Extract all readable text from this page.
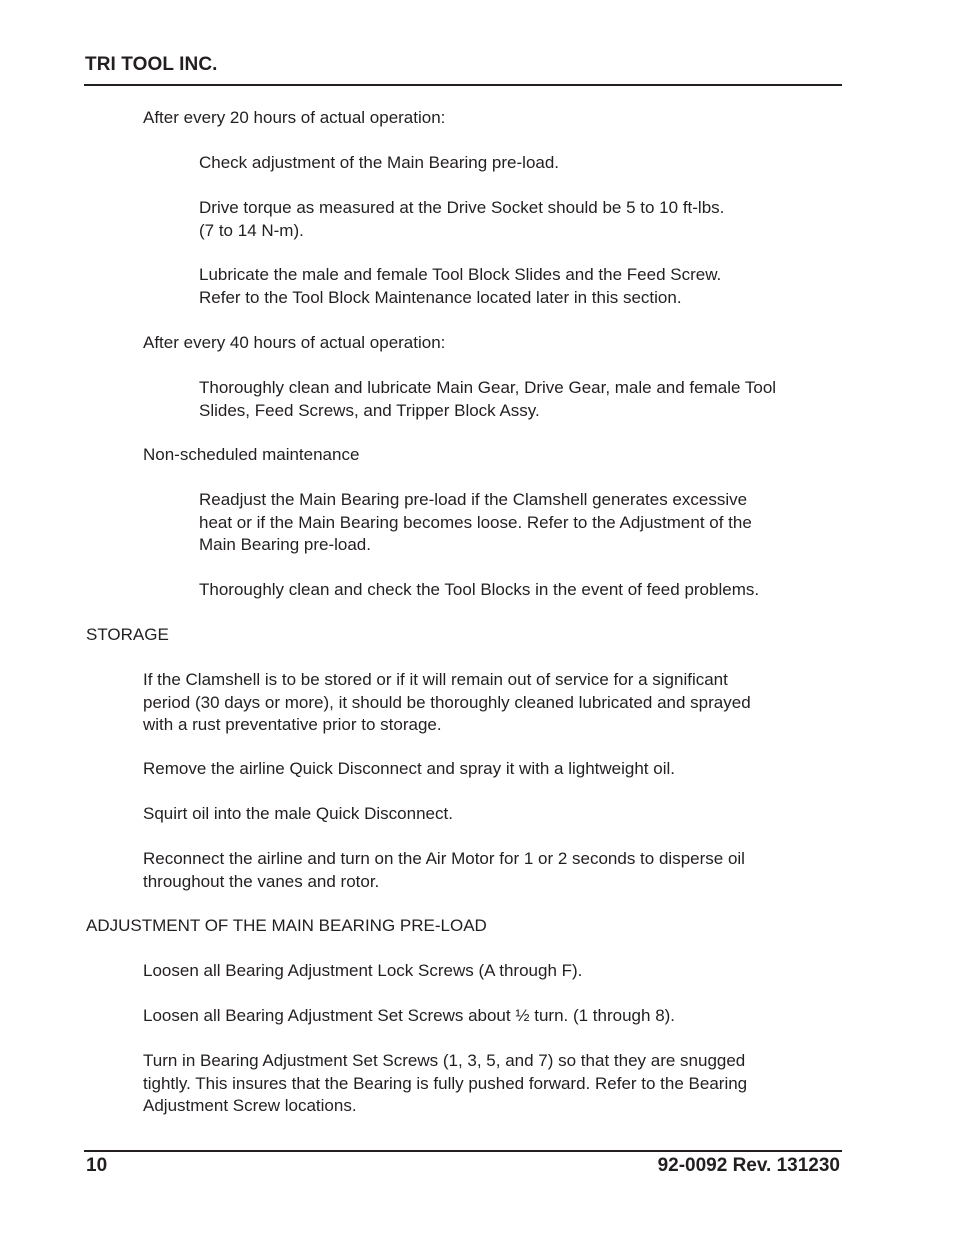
TRI TOOL INC.
After every 20 hours of actual operation:
Check adjustment of the Main Bearing pre-load.
Drive torque as measured at the Drive Socket should be 5 to 10 ft-lbs.
(7 to 14 N-m).
Lubricate the male and female Tool Block Slides and the Feed Screw.
Refer to the Tool Block Maintenance located later in this section.
After every 40 hours of actual operation:
Thoroughly clean and lubricate Main Gear, Drive Gear, male and female Tool
Slides, Feed Screws, and Tripper Block Assy.
Non-scheduled maintenance
Readjust the Main Bearing pre-load if the Clamshell generates excessive
heat or if the Main Bearing becomes loose. Refer to the Adjustment of the
Main Bearing pre-load.
Thoroughly clean and check the Tool Blocks in the event of feed problems.
STORAGE
If the Clamshell is to be stored or if it will remain out of service for a significant
period (30 days or more), it should be thoroughly cleaned lubricated and sprayed
with a rust preventative prior to storage.
Remove the airline Quick Disconnect and spray it with a lightweight oil.
Squirt oil into the male Quick Disconnect.
Reconnect the airline and turn on the Air Motor for 1 or 2 seconds to disperse oil
throughout the vanes and rotor.
ADJUSTMENT OF THE MAIN BEARING PRE-LOAD
Loosen all Bearing Adjustment Lock Screws (A through F).
Loosen all Bearing Adjustment Set Screws about ½ turn. (1 through 8).
Turn in Bearing Adjustment Set Screws (1, 3, 5, and 7) so that they are snugged
tightly. This insures that the Bearing is fully pushed forward. Refer to the Bearing
Adjustment Screw locations.
10	92-0092 Rev. 131230
